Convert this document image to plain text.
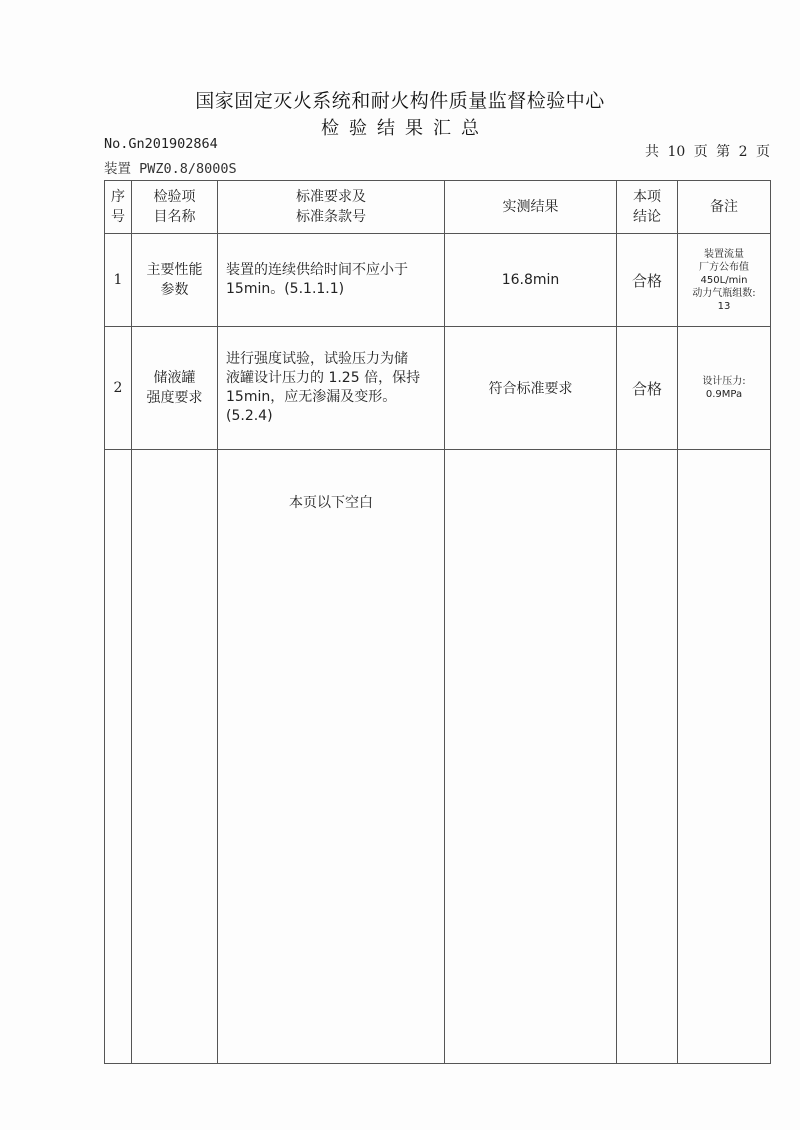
国家固定灭火系统和耐火构件质量监督检验中心
检验结果汇总
No.Gn201902864
装置 PWZ0.8/8000S
共 10 页 第 2 页
序
号	检验项
目名称	标准要求及
标准条款号	实测结果	本项
结论	备注

1	主要性能
参数	装置的连续供给时间不应小于
15min。(5.1.1.1)	16.8min	合格	装置流量
厂方公布值
450L/min
动力气瓶组数:
13

2	储液罐
强度要求	进行强度试验，试验压力为储
液罐设计压力的 1.25 倍，保持
15min，应无渗漏及变形。
(5.2.4)	符合标准要求	合格	设计压力:
0.9MPa

		本页以下空白			
